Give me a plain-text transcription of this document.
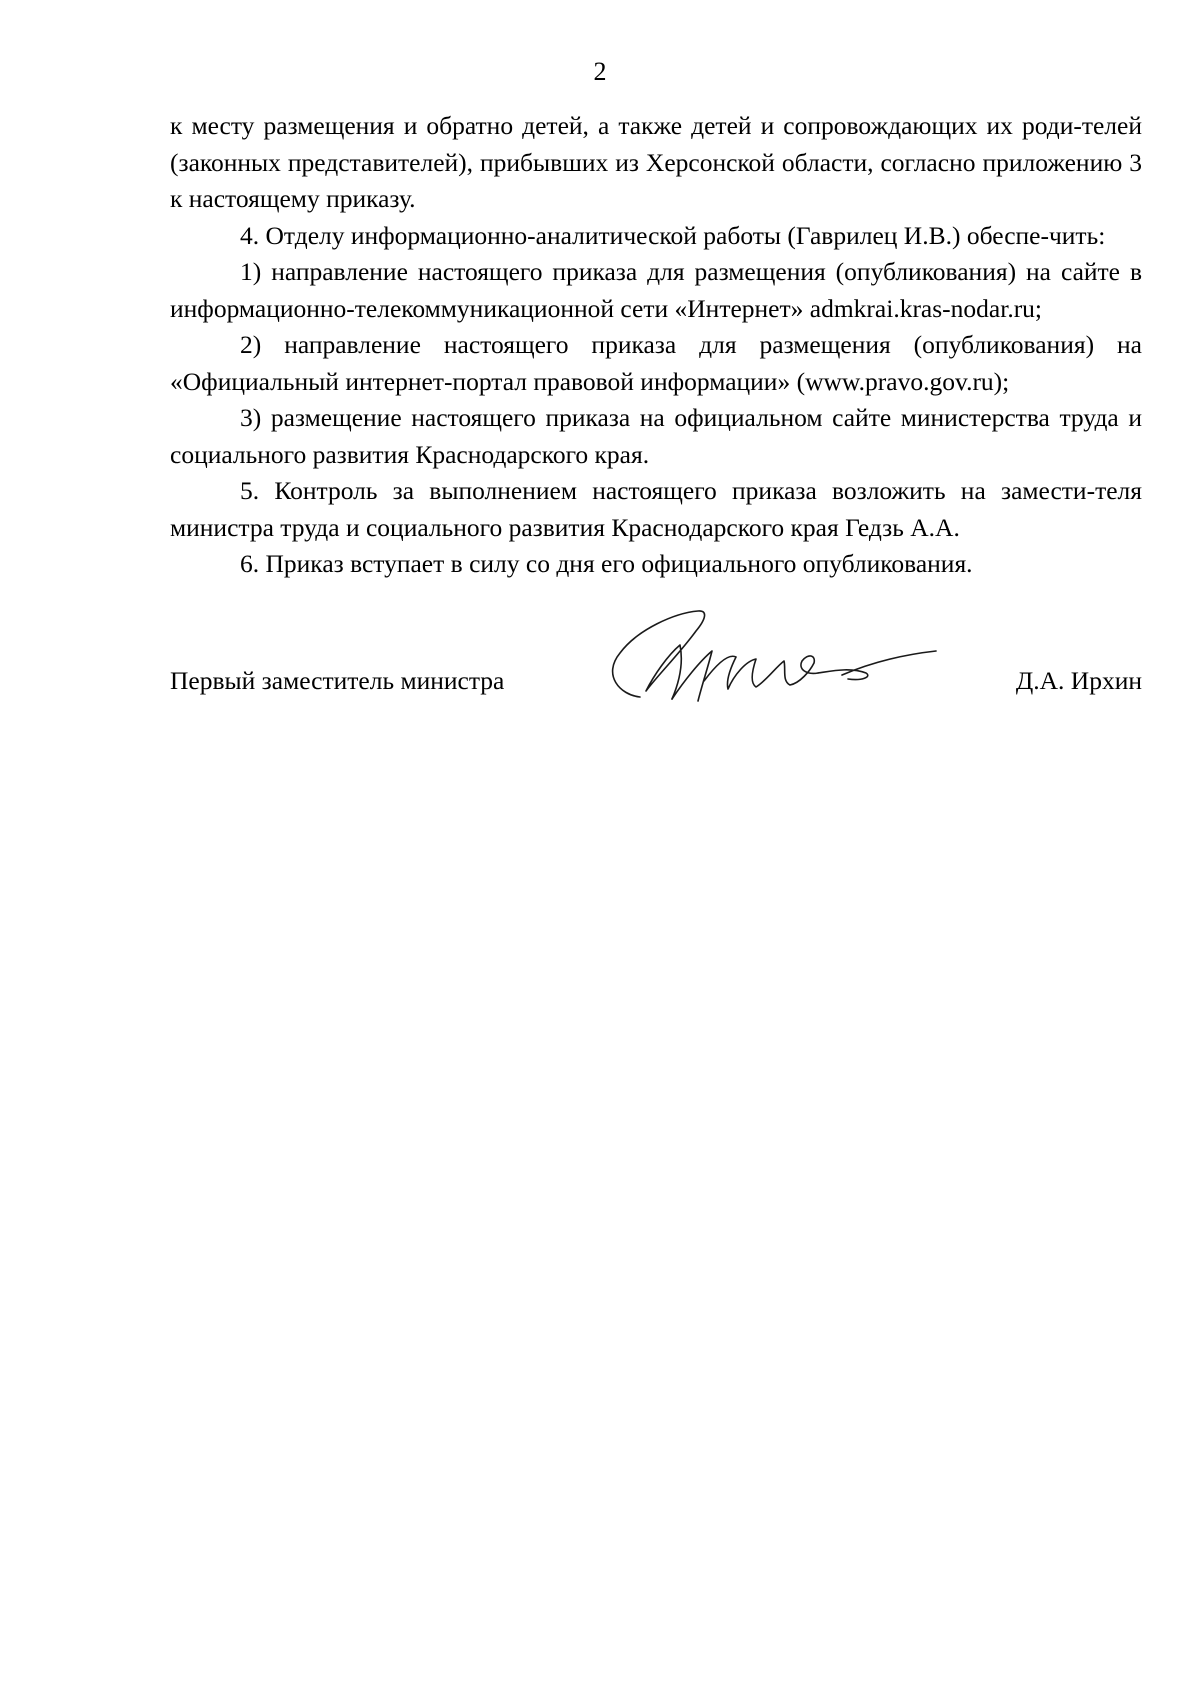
2

к месту размещения и обратно детей, а также детей и сопровождающих их роди-телей (законных представителей), прибывших из Херсонской области, согласно приложению 3 к настоящему приказу.

4. Отделу информационно-аналитической работы (Гаврилец И.В.) обеспе-чить:

1) направление настоящего приказа для размещения (опубликования) на сайте в информационно-телекоммуникационной сети «Интернет» admkrai.kras-nodar.ru;

2) направление настоящего приказа для размещения (опубликования) на «Официальный интернет-портал правовой информации» (www.pravo.gov.ru);

3) размещение настоящего приказа на официальном сайте министерства труда и социального развития Краснодарского края.

5. Контроль за выполнением настоящего приказа возложить на замести-теля министра труда и социального развития Краснодарского края Гедзь А.А.

6. Приказ вступает в силу со дня его официального опубликования.

Первый заместитель министра	Д.А. Ирхин
